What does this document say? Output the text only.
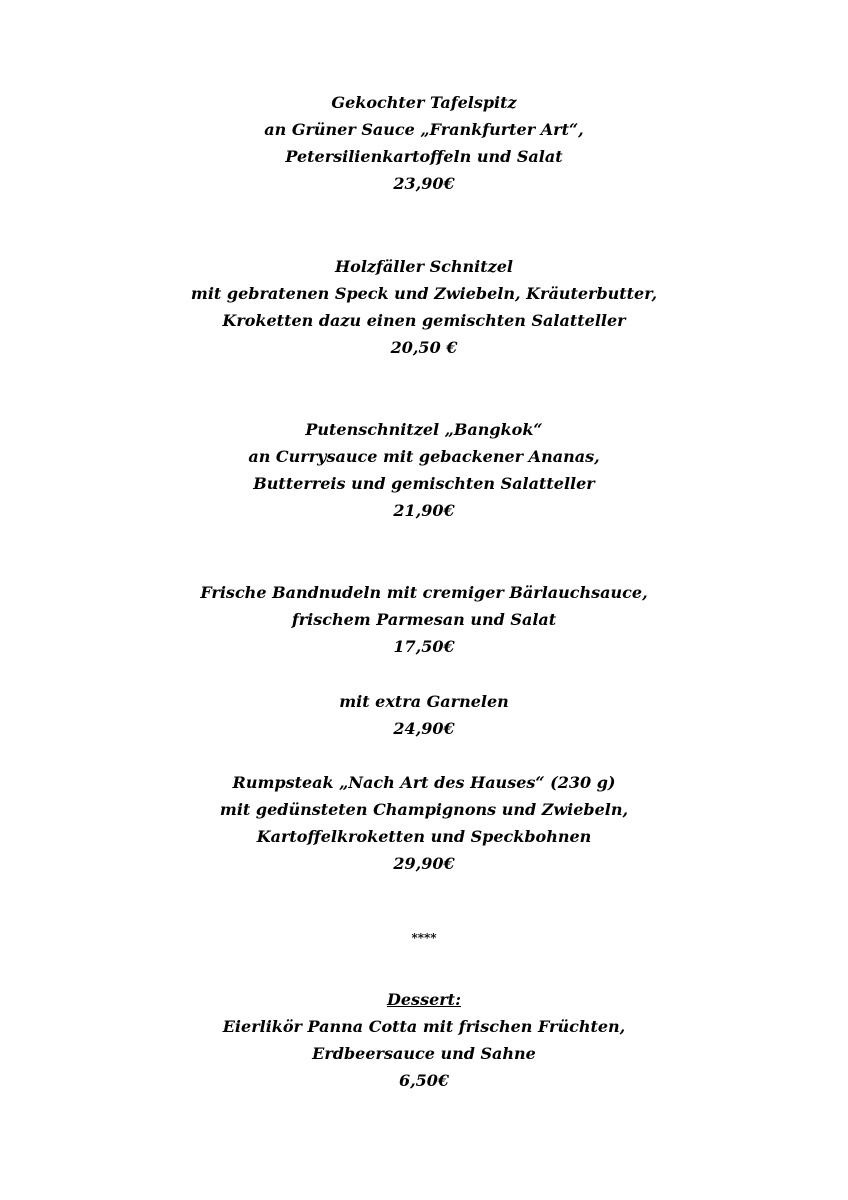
Gekochter Tafelspitz
an Grüner Sauce „Frankfurter Art“,
Petersilienkartoffeln und Salat
23,90€
Holzfäller Schnitzel
mit gebratenen Speck und Zwiebeln, Kräuterbutter,
Kroketten dazu einen gemischten Salatteller
20,50 €
Putenschnitzel „Bangkok“
an Currysauce mit gebackener Ananas,
Butterreis und gemischten Salatteller
21,90€
Frische Bandnudeln mit cremiger Bärlauchsauce,
frischem Parmesan und Salat
17,50€
mit extra Garnelen
24,90€
Rumpsteak „Nach Art des Hauses“ (230 g)
mit gedünsteten Champignons und Zwiebeln,
Kartoffelkroketten und Speckbohnen
29,90€
****
Dessert:
Eierlikör Panna Cotta mit frischen Früchten,
Erdbeersauce und Sahne
6,50€
